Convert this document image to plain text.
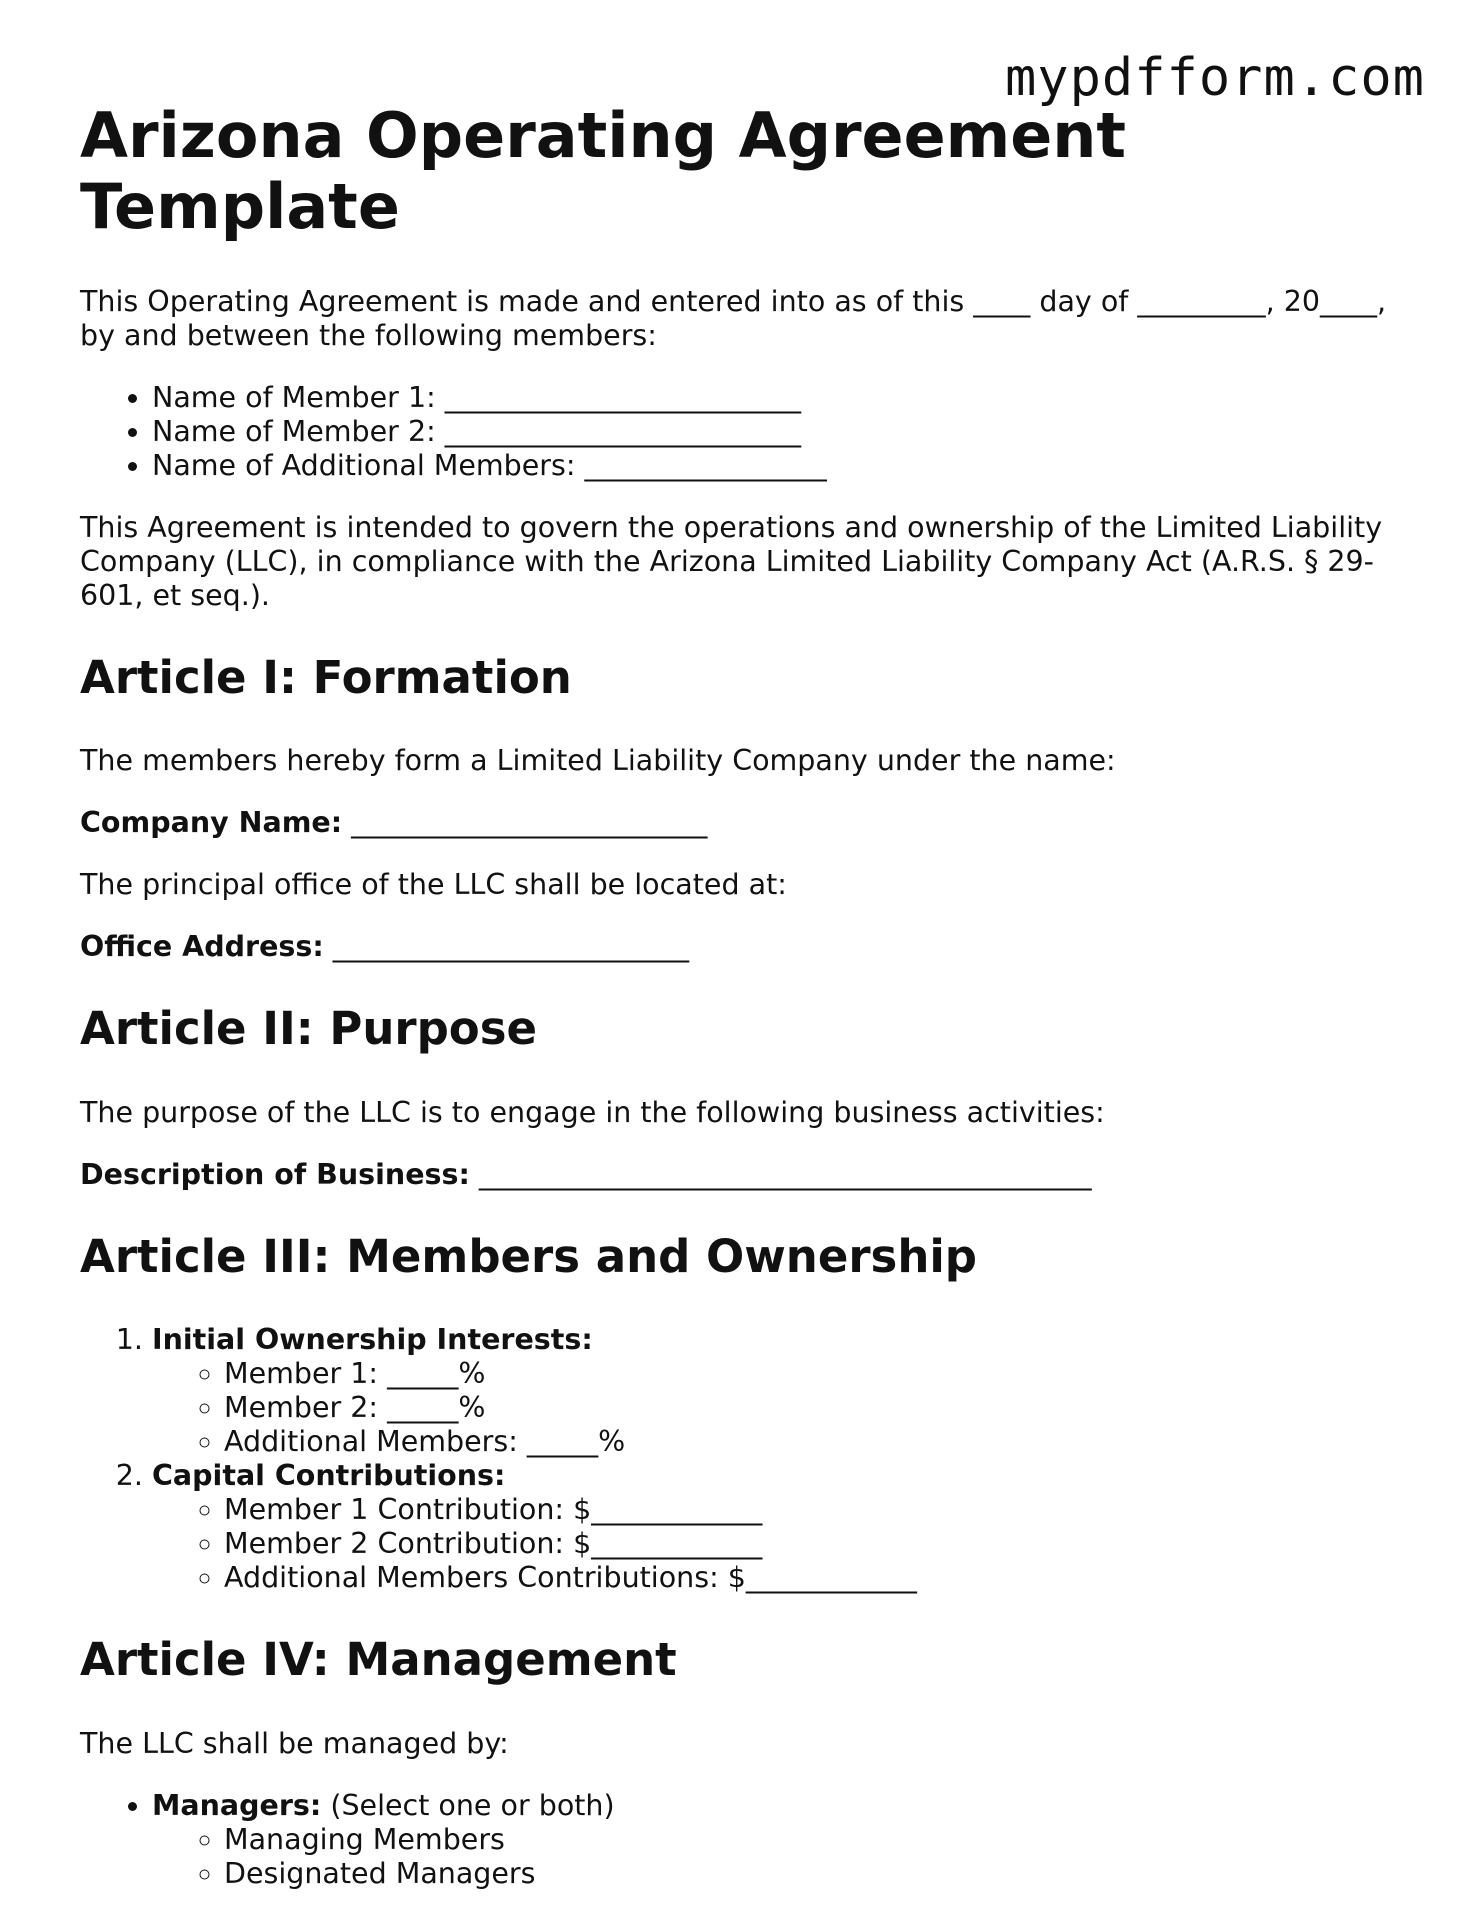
mypdfform.com
Arizona Operating Agreement Template

This Operating Agreement is made and entered into as of this ____ day of _________, 20____, by and between the following members:

• Name of Member 1: _________________________
• Name of Member 2: _________________________
• Name of Additional Members: _________________

This Agreement is intended to govern the operations and ownership of the Limited Liability Company (LLC), in compliance with the Arizona Limited Liability Company Act (A.R.S. § 29-601, et seq.).

Article I: Formation

The members hereby form a Limited Liability Company under the name:

Company Name: _________________________

The principal office of the LLC shall be located at:

Office Address: _________________________

Article II: Purpose

The purpose of the LLC is to engage in the following business activities:

Description of Business: ___________________________________________

Article III: Members and Ownership
1. Initial Ownership Interests:
◦ Member 1: _____%
◦ Member 2: _____%
◦ Additional Members: _____%
2. Capital Contributions:
◦ Member 1 Contribution: $____________
◦ Member 2 Contribution: $____________
◦ Additional Members Contributions: $____________
Article IV: Management

The LLC shall be managed by:

• Managers: (Select one or both)
◦ Managing Members
◦ Designated Managers
